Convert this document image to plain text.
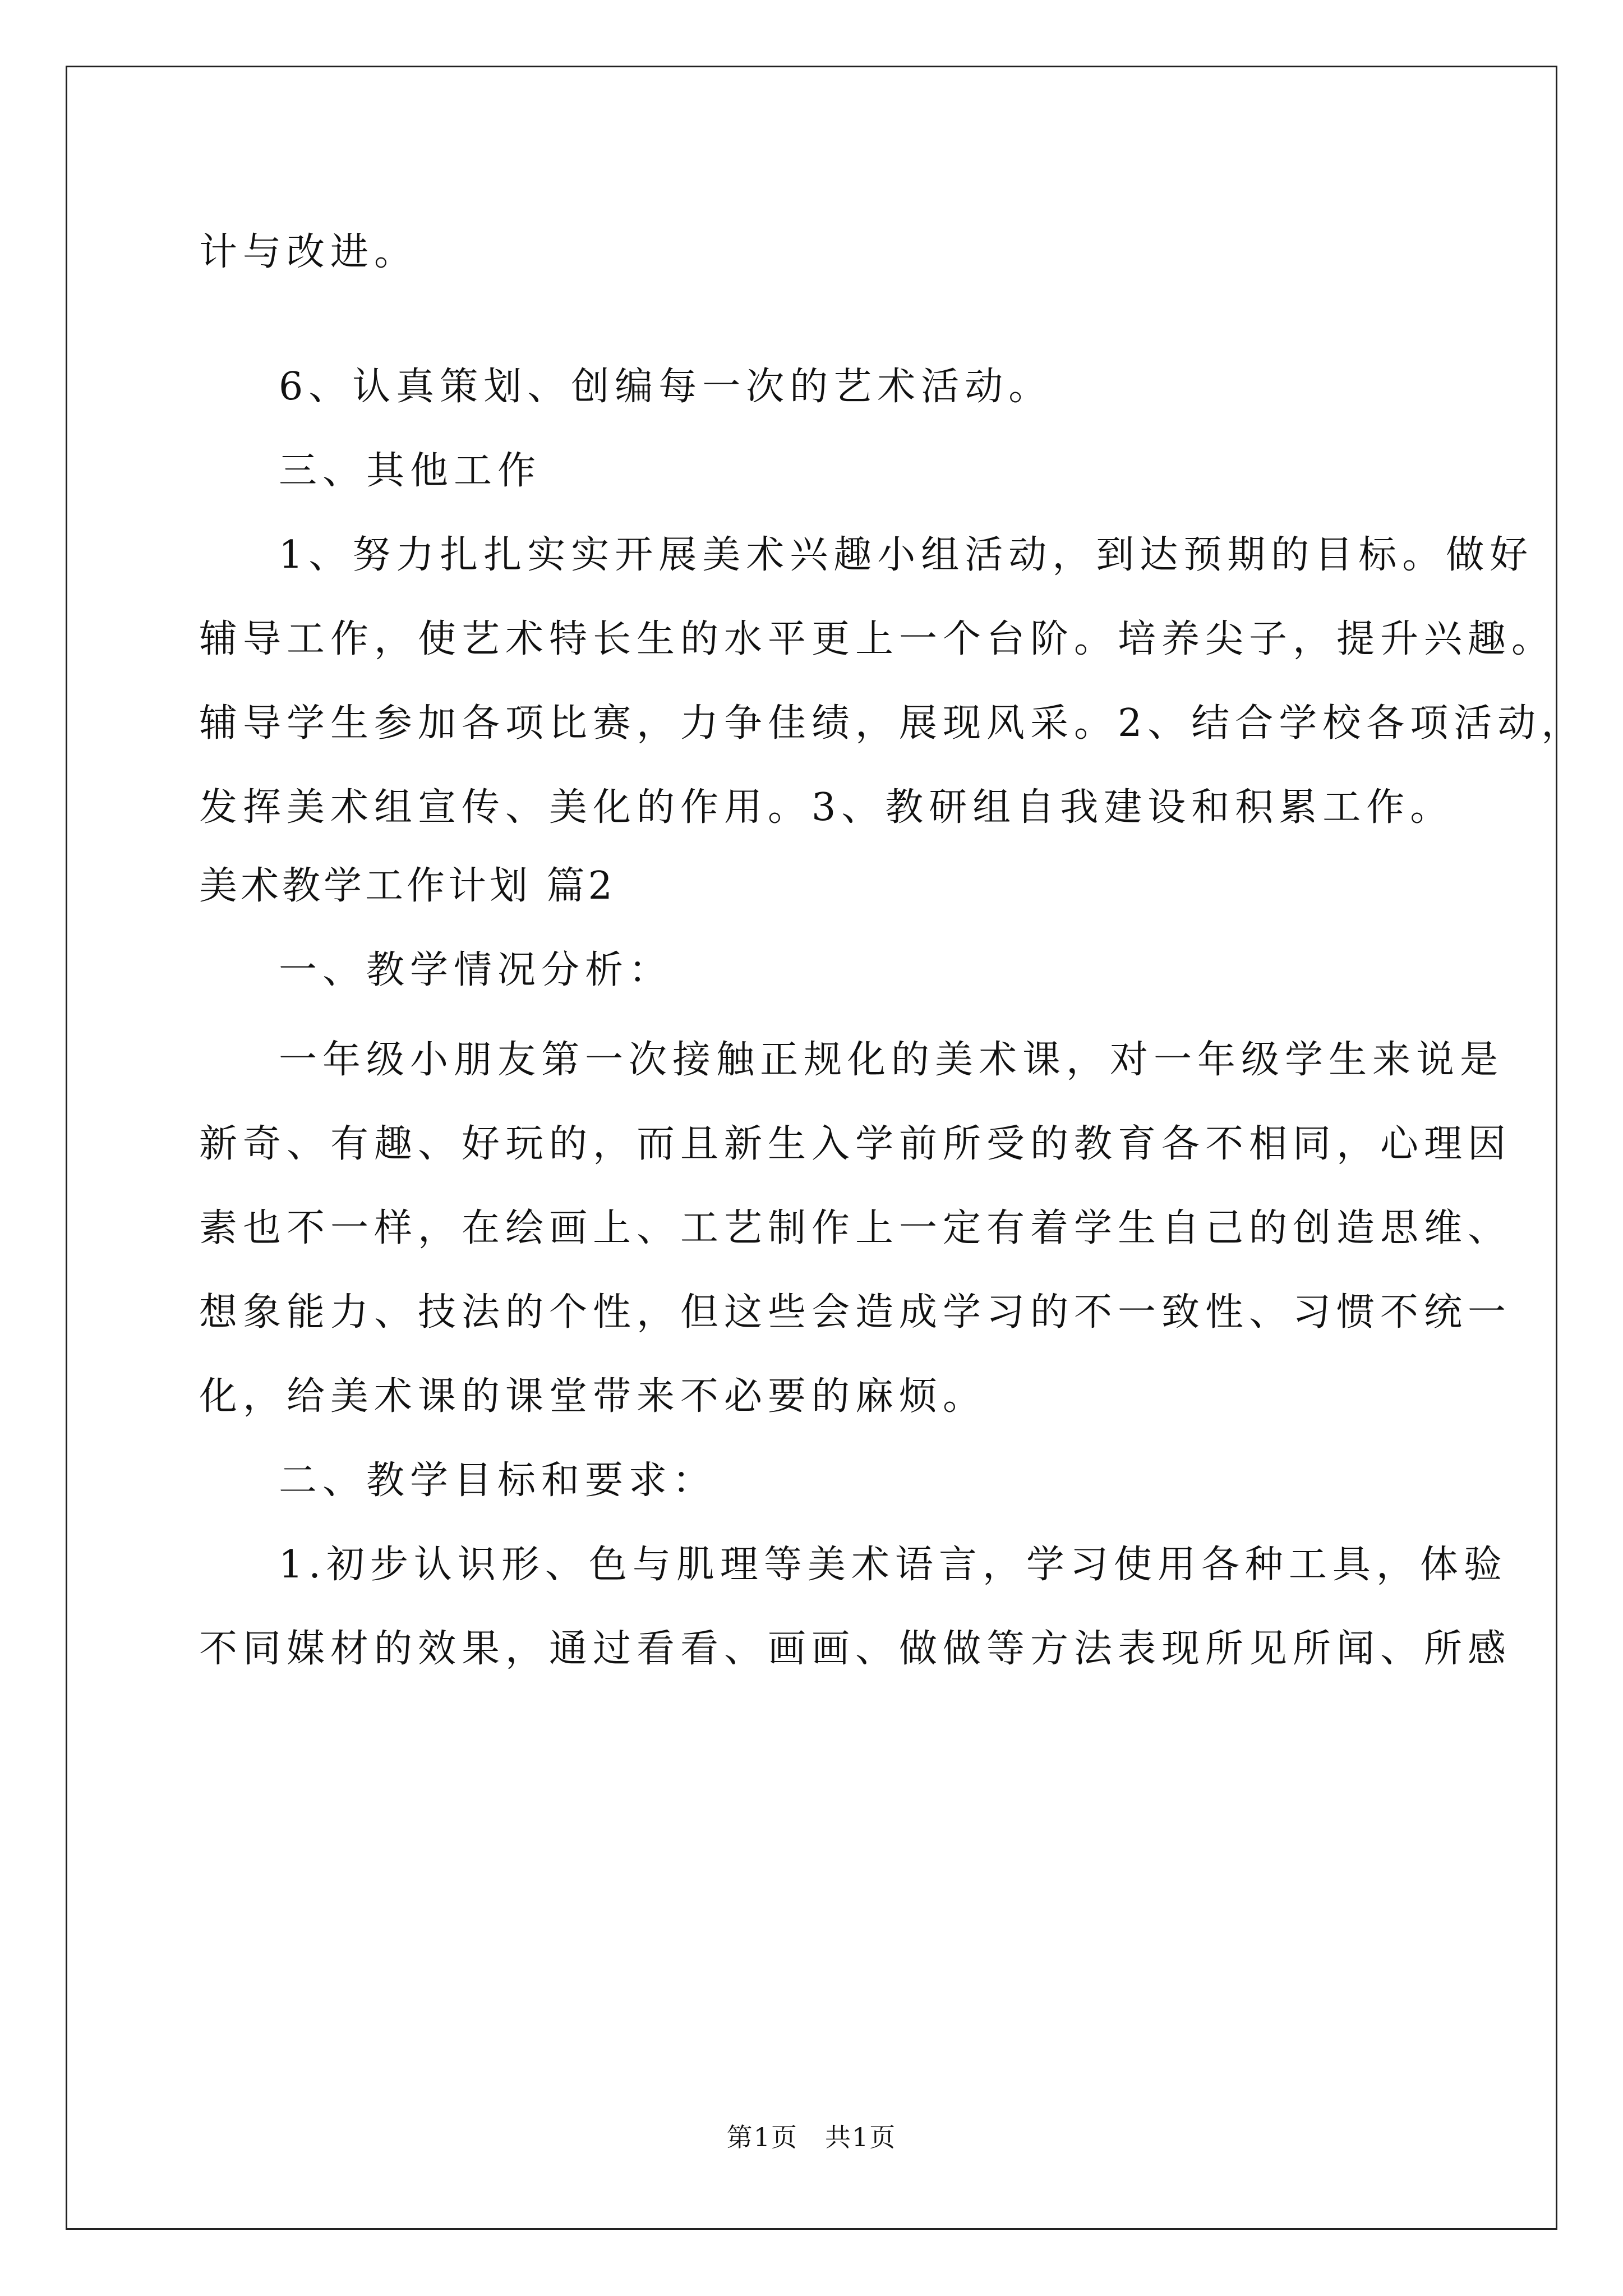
计与改进。
6、认真策划、创编每一次的艺术活动。
三、其他工作
1、努力扎扎实实开展美术兴趣小组活动，到达预期的目标。做好
辅导工作，使艺术特长生的水平更上一个台阶。培养尖子，提升兴趣。
辅导学生参加各项比赛，力争佳绩，展现风采。2、结合学校各项活动，
发挥美术组宣传、美化的作用。3、教研组自我建设和积累工作。
美术教学工作计划 篇2
一、教学情况分析：
一年级小朋友第一次接触正规化的美术课，对一年级学生来说是
新奇、有趣、好玩的，而且新生入学前所受的教育各不相同，心理因
素也不一样，在绘画上、工艺制作上一定有着学生自己的创造思维、
想象能力、技法的个性，但这些会造成学习的不一致性、习惯不统一
化，给美术课的课堂带来不必要的麻烦。
二、教学目标和要求：
1.初步认识形、色与肌理等美术语言，学习使用各种工具，体验
不同媒材的效果，通过看看、画画、做做等方法表现所见所闻、所感
第1页　共1页
